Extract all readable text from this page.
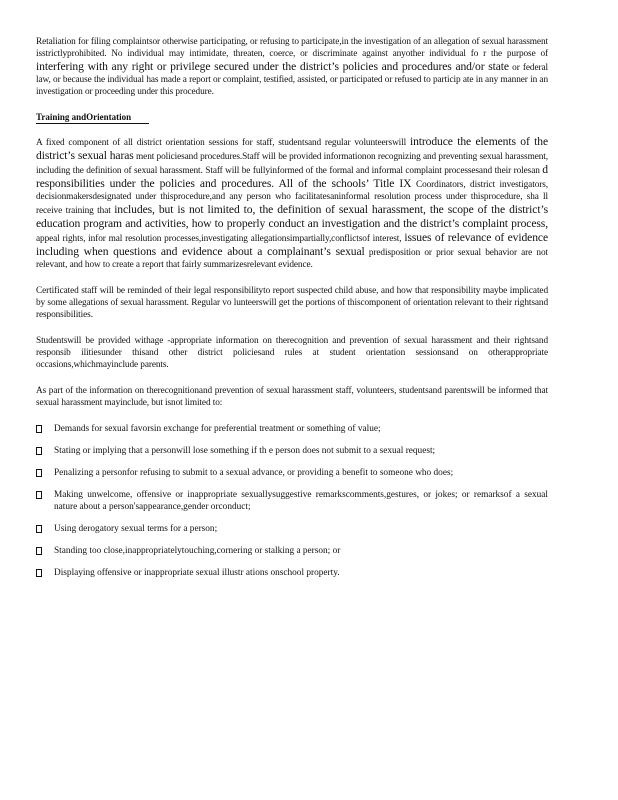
Retaliation for filing complaintsor otherwise participating, or refusing to participate,in the investigation of an allegation of sexual harassment isstrictlyprohibited. No individual may intimidate, threaten, coerce, or discriminate against anyother individual fo r the purpose of interfering with any right or privilege secured under the district’s policies and procedures and/or state or federal law, or because the individual has made a report or complaint, testified, assisted, or participated or refused to particip ate in any manner in an investigation or proceeding under this procedure.

Training andOrientation

A fixed component of all district orientation sessions for staff, studentsand regular volunteerswill introduce the elements of the district’s sexual haras ment policiesand procedures.Staff will be provided informationon recognizing and preventing sexual harassment, including the definition of sexual harassment. Staff will be fullyinformed of the formal and informal complaint processesand their rolesan d responsibilities under the policies and procedures. All of the schools’ Title IX Coordinators, district investigators, decisionmakersdesignated under thisprocedure,and any person who facilitatesaninformal resolution process under thisprocedure, sha ll receive training that includes, but is not limited to, the definition of sexual harassment, the scope of the district’s education program and activities, how to properly conduct an investigation and the district’s complaint process, appeal rights, infor mal resolution processes,investigating allegationsimpartially,conflictsof interest, issues of relevance of evidence including when questions and evidence about a complainant’s sexual predisposition or prior sexual behavior are not relevant, and how to create a report that fairly summarizesrelevant evidence.

Certificated staff will be reminded of their legal responsibilityto report suspected child abuse, and how that responsibility maybe implicated by some allegations of sexual harassment. Regular vo lunteerswill get the portions of thiscomponent of orientation relevant to their rightsand responsibilities.

Studentswill be provided withage -appropriate information on therecognition and prevention of sexual harassment and their rightsand responsib ilitiesunder thisand other district policiesand rules at student orientation sessionsand on otherappropriate occasions,whichmayinclude parents.

As part of the information on therecognitionand prevention of sexual harassment staff, volunteers, studentsand parentswill be informed that sexual harassment mayinclude, but isnot limited to:

Demands for sexual favorsin exchange for preferential treatment or something of value;
Stating or implying that a personwill lose something if th e person does not submit to a sexual request;
Penalizing a personfor refusing to submit to a sexual advance, or providing a benefit to someone who does;
Making unwelcome, offensive or inappropriate sexuallysuggestive remarkscomments,gestures, or jokes; or remarksof a sexual nature about a person'sappearance,gender orconduct;
Using derogatory sexual terms for a person;
Standing too close,inappropriatelytouching,cornering or stalking a person; or
Displaying offensive or inappropriate sexual illustr ations onschool property.
